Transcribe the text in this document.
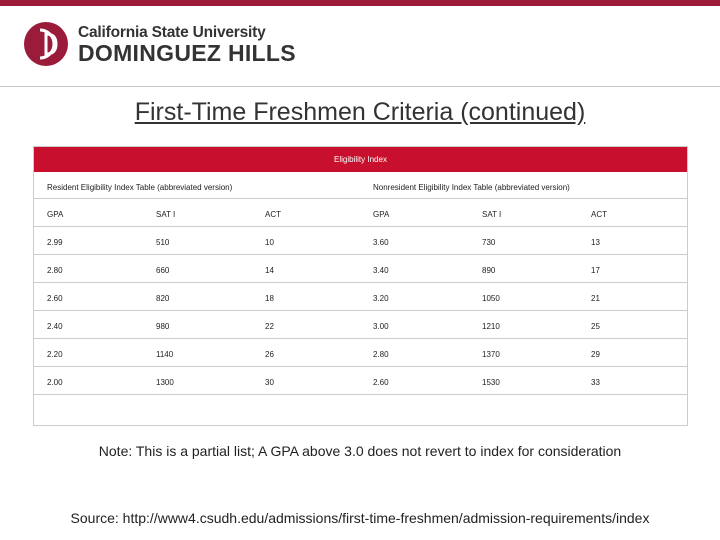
California State University
DOMINGUEZ HILLS
First-Time Freshmen Criteria (continued)
Eligibility Index
Resident Eligibility Index Table (abbreviated version)	Nonresident Eligibility Index Table (abbreviated version)
GPA	SAT I	ACT	GPA	SAT I	ACT
2.99	510	10	3.60	730	13
2.80	660	14	3.40	890	17
2.60	820	18	3.20	1050	21
2.40	980	22	3.00	1210	25
2.20	1140	26	2.80	1370	29
2.00	1300	30	2.60	1530	33
Note: This is a partial list; A GPA above 3.0 does not revert to index for consideration
Source: http://www4.csudh.edu/admissions/first-time-freshmen/admission-requirements/index
